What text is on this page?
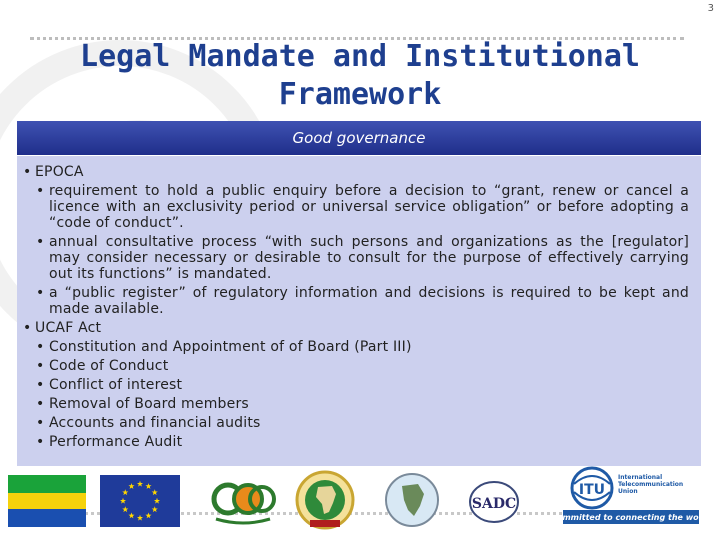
3
Legal Mandate and Institutional Framework
Good governance
• EPOCA
• requirement to hold a public enquiry before a decision to “grant, renew or cancel a licence with an exclusivity period or universal service obligation” or before adopting a “code of conduct”.
• annual consultative process “with such persons and organizations as the [regulator] may consider necessary or desirable to consult for the purpose of effectively carrying out its functions” is mandated.
• a “public register” of regulatory information and decisions is required to be kept and made available.
• UCAF Act
• Constitution and Appointment of of Board (Part III)
• Code of Conduct
• Conflict of interest
• Removal of Board members
• Accounts and financial audits
• Performance Audit
SADC
ITU
Committed to connecting the world
International
Telecommunication
Union
